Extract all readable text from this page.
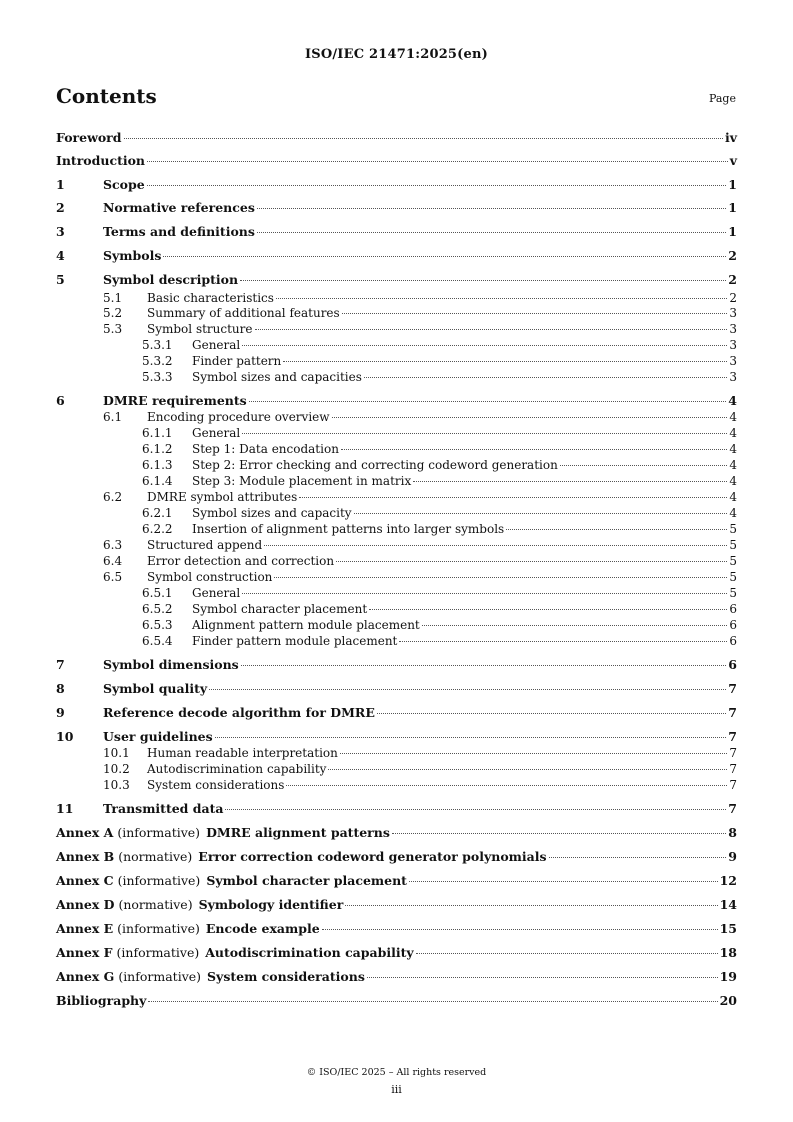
ISO/IEC 21471:2025(en)
Contents	Page
Foreword	iv
Introduction	v
1	Scope	1
2	Normative references	1
3	Terms and definitions	1
4	Symbols	2
5	Symbol description	2
5.1	Basic characteristics	2
5.2	Summary of additional features	3
5.3	Symbol structure	3
5.3.1	General	3
5.3.2	Finder pattern	3
5.3.3	Symbol sizes and capacities	3
6	DMRE requirements	4
6.1	Encoding procedure overview	4
6.1.1	General	4
6.1.2	Step 1: Data encodation	4
6.1.3	Step 2: Error checking and correcting codeword generation	4
6.1.4	Step 3: Module placement in matrix	4
6.2	DMRE symbol attributes	4
6.2.1	Symbol sizes and capacity	4
6.2.2	Insertion of alignment patterns into larger symbols	5
6.3	Structured append	5
6.4	Error detection and correction	5
6.5	Symbol construction	5
6.5.1	General	5
6.5.2	Symbol character placement	6
6.5.3	Alignment pattern module placement	6
6.5.4	Finder pattern module placement	6
7	Symbol dimensions	6
8	Symbol quality	7
9	Reference decode algorithm for DMRE	7
10	User guidelines	7
10.1	Human readable interpretation	7
10.2	Autodiscrimination capability	7
10.3	System considerations	7
11	Transmitted data	7
Annex A (informative) DMRE alignment patterns	8
Annex B (normative) Error correction codeword generator polynomials	9
Annex C (informative) Symbol character placement	12
Annex D (normative) Symbology identifier	14
Annex E (informative) Encode example	15
Annex F (informative) Autodiscrimination capability	18
Annex G (informative) System considerations	19
Bibliography	20
© ISO/IEC 2025 – All rights reserved
iii
